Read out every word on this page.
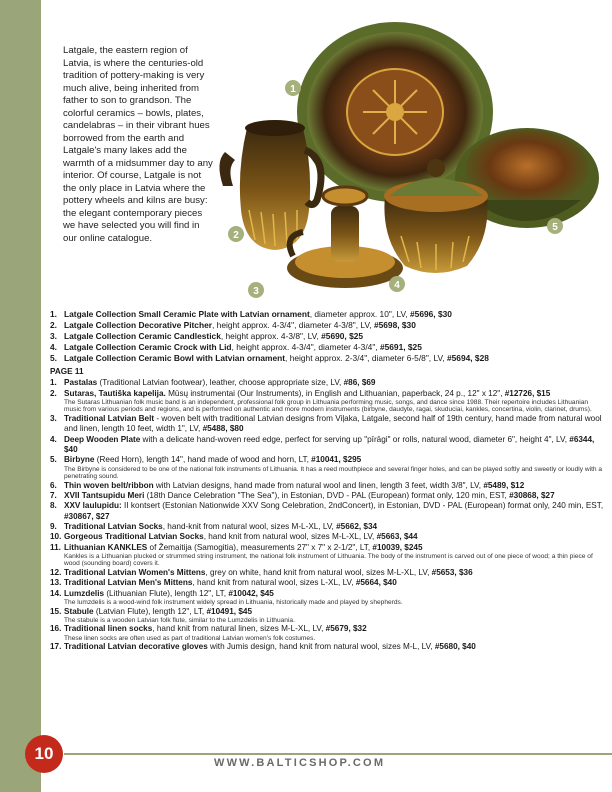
Latgale, the eastern region of Latvia, is where the centuries-old tradition of pottery-making is very much alive, being inherited from father to son to grandson. The colorful ceramics – bowls, plates, candelabras – in their vibrant hues borrowed from the earth and Latgale's many lakes add the warmth of a midsummer day to any interior. Of course, Latgale is not the only place in Latvia where the pottery wheels and kilns are busy: the elegant contemporary pieces we have selected you will find in our online catalogue.

1
2
3
4
5
1. Latgale Collection Small Ceramic Plate with Latvian ornament, diameter approx. 10", LV, #5696, $30
2. Latgale Collection Decorative Pitcher, height approx. 4-3/4", diameter 4-3/8", LV, #5698, $30
3. Latgale Collection Ceramic Candlestick, height approx. 4-3/8", LV, #5690, $25
4. Latgale Collection Ceramic Crock with Lid, height approx. 4-3/4", diameter 4-3/4", #5691, $25
5. Latgale Collection Ceramic Bowl with Latvian ornament, height approx. 2-3/4", diameter 6-5/8", LV, #5694, $28
PAGE 11
1. Pastalas (Traditional Latvian footwear), leather, choose appropriate size, LV, #86, $69
2. Sutaras, Tautiška kapelija. Mūsų instrumentai (Our Instruments), in English and Lithuanian, paperback, 24 p., 12" x 12", #12726, $15
The Sutaras Lithuanian folk music band is an independent, professional folk group in Lithuania performing music, songs, and dance since 1988. Their repertoire includes Lithuanian music from various periods and regions, and is performed on authentic and more modern instruments (birbyne, daudyte, ragai, skuduciai, kankles, concertina, violin, clarinet, drums).
3. Traditional Latvian Belt - woven belt with traditional Latvian designs from Viļaka, Latgale, second half of 19th century, hand made from natural wool and linen, length 10 feet, width 1", LV, #5488, $80
4. Deep Wooden Plate with a delicate hand-woven reed edge, perfect for serving up "pīrāgi" or rolls, natural wood, diameter 6", height 4", LV, #6344, $40
5. Birbyne (Reed Horn), length 14", hand made of wood and horn, LT, #10041, $295
The Birbyne is considered to be one of the national folk instruments of Lithuania. It has a reed mouthpiece and several finger holes, and can be played softly and sweetly or loudly with a penetrating sound.
6. Thin woven belt/ribbon with Latvian designs, hand made from natural wool and linen, length 3 feet, width 3/8", LV, #5489, $12
7. XVII Tantsupidu Meri (18th Dance Celebration "The Sea"), in Estonian, DVD - PAL (European) format only, 120 min, EST, #30868, $27
8. XXV laulupidu: II kontsert (Estonian Nationwide XXV Song Celebration, 2ndConcert), in Estonian, DVD - PAL (European) format only, 240 min, EST, #30867, $27
9. Traditional Latvian Socks, hand-knit from natural wool, sizes M-L-XL, LV, #5662, $34
10. Gorgeous Traditional Latvian Socks, hand knit from natural wool, sizes M-L-XL, LV, #5663, $44
11. Lithuanian KANKLES of Žemaitija (Samogitia), measurements 27" x 7" x 2-1/2", LT, #10039, $245
Kankles is a Lithuanian plucked or strummed string instrument, the national folk instrument of Lithuania. The body of the instrument is carved out of one piece of wood; a thin piece of wood (sounding board) covers it.
12. Traditional Latvian Women's Mittens, grey on white, hand knit from natural wool, sizes M-L-XL, LV, #5653, $36
13. Traditional Latvian Men's Mittens, hand knit from natural wool, sizes L-XL, LV, #5664, $40
14. Lumzdelis (Lithuanian Flute), length 12", LT, #10042, $45
The lumzdelis is a wood-wind folk instrument widely spread in Lithuania, historically made and played by shepherds.
15. Stabule (Latvian Flute), length 12", LT, #10491, $45
The stabule is a wooden Latvian folk flute, similar to the Lumzdelis in Lithuania.
16. Traditional linen socks, hand knit from natural linen, sizes M-L-XL, LV, #5679, $32
These linen socks are often used as part of traditional Latvian women's folk costumes.
17. Traditional Latvian decorative gloves with Jumis design, hand knit from natural wool, sizes M-L, LV, #5680, $40
10	WWW.BALTICSHOP.COM
